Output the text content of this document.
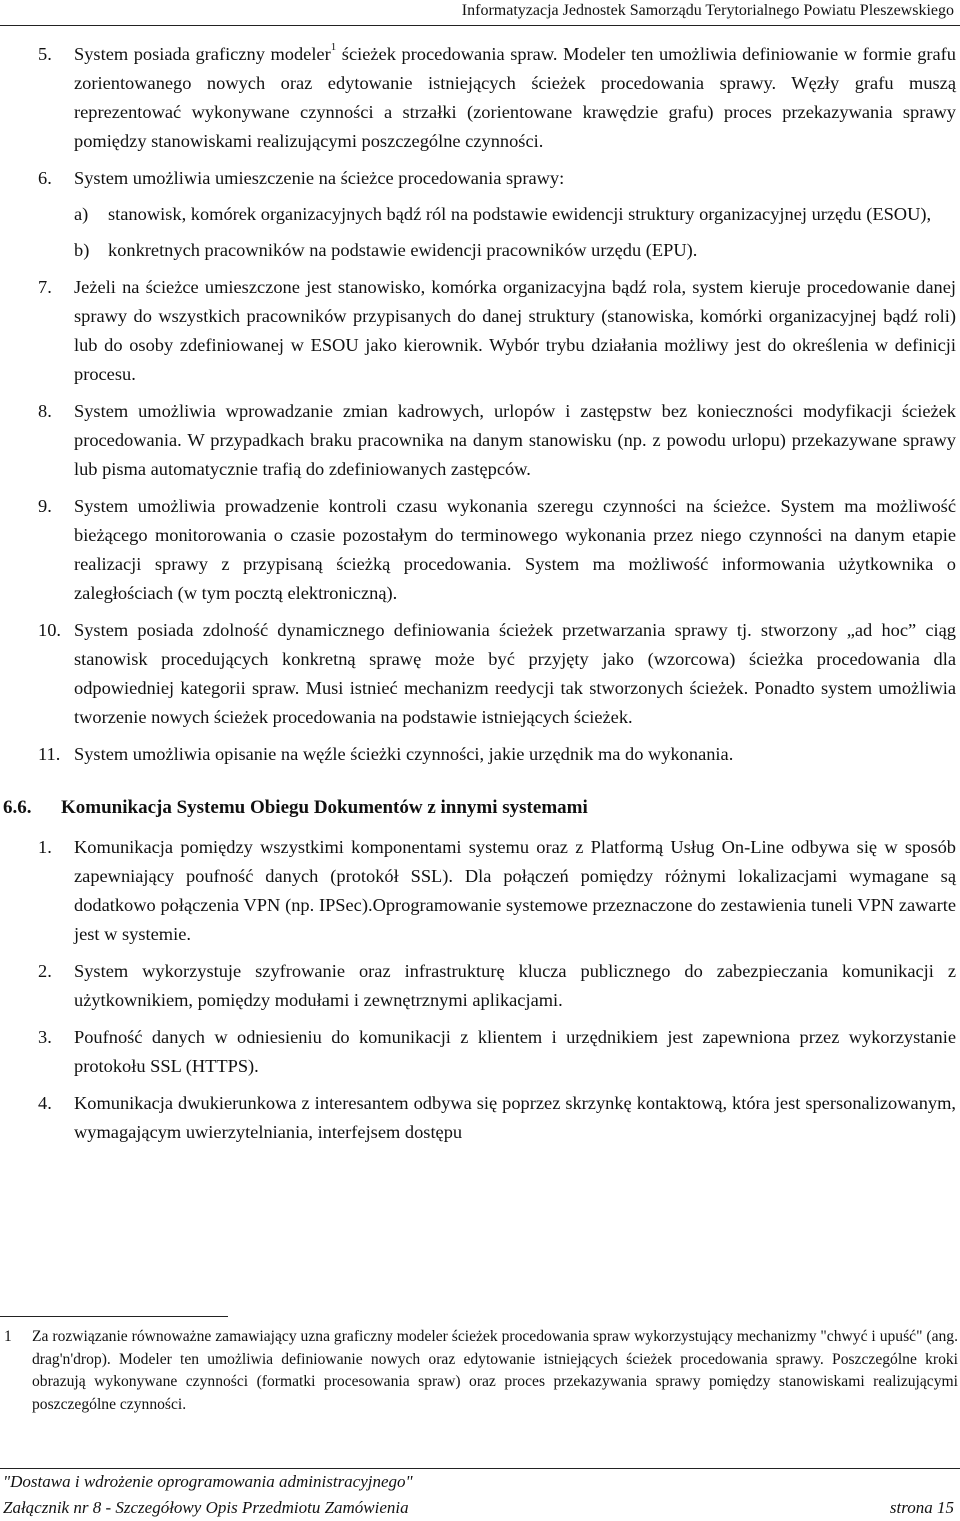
Informatyzacja Jednostek Samorządu Terytorialnego Powiatu Pleszewskiego
5. System posiada graficzny modeler$^1$ ścieżek procedowania spraw. Modeler ten umożliwia definiowanie w formie grafu zorientowanego nowych oraz edytowanie istniejących ścieżek procedowania sprawy. Węzły grafu muszą reprezentować wykonywane czynności a strzałki (zorientowane krawędzie grafu) proces przekazywania sprawy pomiędzy stanowiskami realizującymi poszczególne czynności.
6. System umożliwia umieszczenie na ścieżce procedowania sprawy:
a) stanowisk, komórek organizacyjnych bądź ról na podstawie ewidencji struktury organizacyjnej urzędu (ESOU),
b) konkretnych pracowników na podstawie ewidencji pracowników urzędu (EPU).
7. Jeżeli na ścieżce umieszczone jest stanowisko, komórka organizacyjna bądź rola, system kieruje procedowanie danej sprawy do wszystkich pracowników przypisanych do danej struktury (stanowiska, komórki organizacyjnej bądź roli) lub do osoby zdefiniowanej w ESOU jako kierownik. Wybór trybu działania możliwy jest do określenia w definicji procesu.
8. System umożliwia wprowadzanie zmian kadrowych, urlopów i zastępstw bez konieczności modyfikacji ścieżek procedowania. W przypadkach braku pracownika na danym stanowisku (np. z powodu urlopu) przekazywane sprawy lub pisma automatycznie trafią do zdefiniowanych zastępców.
9. System umożliwia prowadzenie kontroli czasu wykonania szeregu czynności na ścieżce. System ma możliwość bieżącego monitorowania o czasie pozostałym do terminowego wykonania przez niego czynności na danym etapie realizacji sprawy z przypisaną ścieżką procedowania. System ma możliwość informowania użytkownika o zaległościach (w tym pocztą elektroniczną).
10. System posiada zdolność dynamicznego definiowania ścieżek przetwarzania sprawy tj. stworzony „ad hoc” ciąg stanowisk procedujących konkretną sprawę może być przyjęty jako (wzorcowa) ścieżka procedowania dla odpowiedniej kategorii spraw. Musi istnieć mechanizm reedycji tak stworzonych ścieżek. Ponadto system umożliwia tworzenie nowych ścieżek procedowania na podstawie istniejących ścieżek.
11. System umożliwia opisanie na węźle ścieżki czynności, jakie urzędnik ma do wykonania.
6.6. Komunikacja Systemu Obiegu Dokumentów z innymi systemami
1. Komunikacja pomiędzy wszystkimi komponentami systemu oraz z Platformą Usług On-Line odbywa się w sposób zapewniający poufność danych (protokół SSL). Dla połączeń pomiędzy różnymi lokalizacjami wymagane są dodatkowo połączenia VPN (np. IPSec).Oprogramowanie systemowe przeznaczone do zestawienia tuneli VPN zawarte jest w systemie.
2. System wykorzystuje szyfrowanie oraz infrastrukturę klucza publicznego do zabezpieczania komunikacji z użytkownikiem, pomiędzy modułami i zewnętrznymi aplikacjami.
3. Poufność danych w odniesieniu do komunikacji z klientem i urzędnikiem jest zapewniona przez wykorzystanie protokołu SSL (HTTPS).
4. Komunikacja dwukierunkowa z interesantem odbywa się poprzez skrzynkę kontaktową, która jest spersonalizowanym, wymagającym uwierzytelniania, interfejsem dostępu
1 Za rozwiązanie równoważne zamawiający uzna graficzny modeler ścieżek procedowania spraw wykorzystujący mechanizmy "chwyć i upuść" (ang. drag'n'drop). Modeler ten umożliwia definiowanie nowych oraz edytowanie istniejących ścieżek procedowania sprawy. Poszczególne kroki obrazują wykonywane czynności (formatki procesowania spraw) oraz proces przekazywania sprawy pomiędzy stanowiskami realizującymi poszczególne czynności.
"Dostawa i wdrożenie oprogramowania administracyjnego"
Załącznik nr 8 - Szczegółowy Opis Przedmiotu Zamówienia	strona 15
